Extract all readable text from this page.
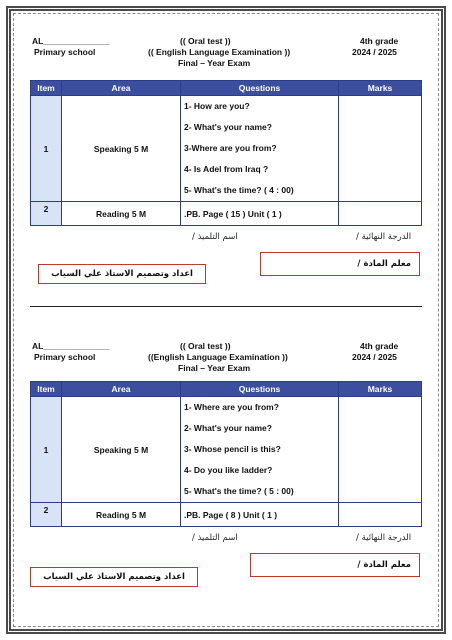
AL______________
Primary school
(( Oral test ))
(( English Language Examination ))
Final – Year Exam
4th grade
2024 / 2025
Item	Area	Questions	Marks
1	Speaking 5 M	1- How are you?
2- What's your name?
3-Where are you from?
4- Is Adel from Iraq ?
5- What's the time? ( 4 : 00)	

2	Reading 5 M	.PB. Page ( 15 ) Unit ( 1 )	
اسم التلميذ /	الدرجة النهائية /
معلم المادة /
اعداد وتصميم الاستاذ علي السياب
AL______________
Primary school
(( Oral test ))
((English Language Examination ))
Final – Year Exam
4th grade
2024 / 2025
Item	Area	Questions	Marks
1	Speaking 5 M	1- Where are you from?
2- What's your name?
3- Whose pencil is this?
4- Do you like ladder?
5- What's the time? ( 5 : 00)	

2	Reading 5 M	.PB. Page ( 8 ) Unit ( 1 )	
اسم التلميذ /	الدرجة النهائية /
معلم المادة /
اعداد وتصميم الاستاذ علي السياب
